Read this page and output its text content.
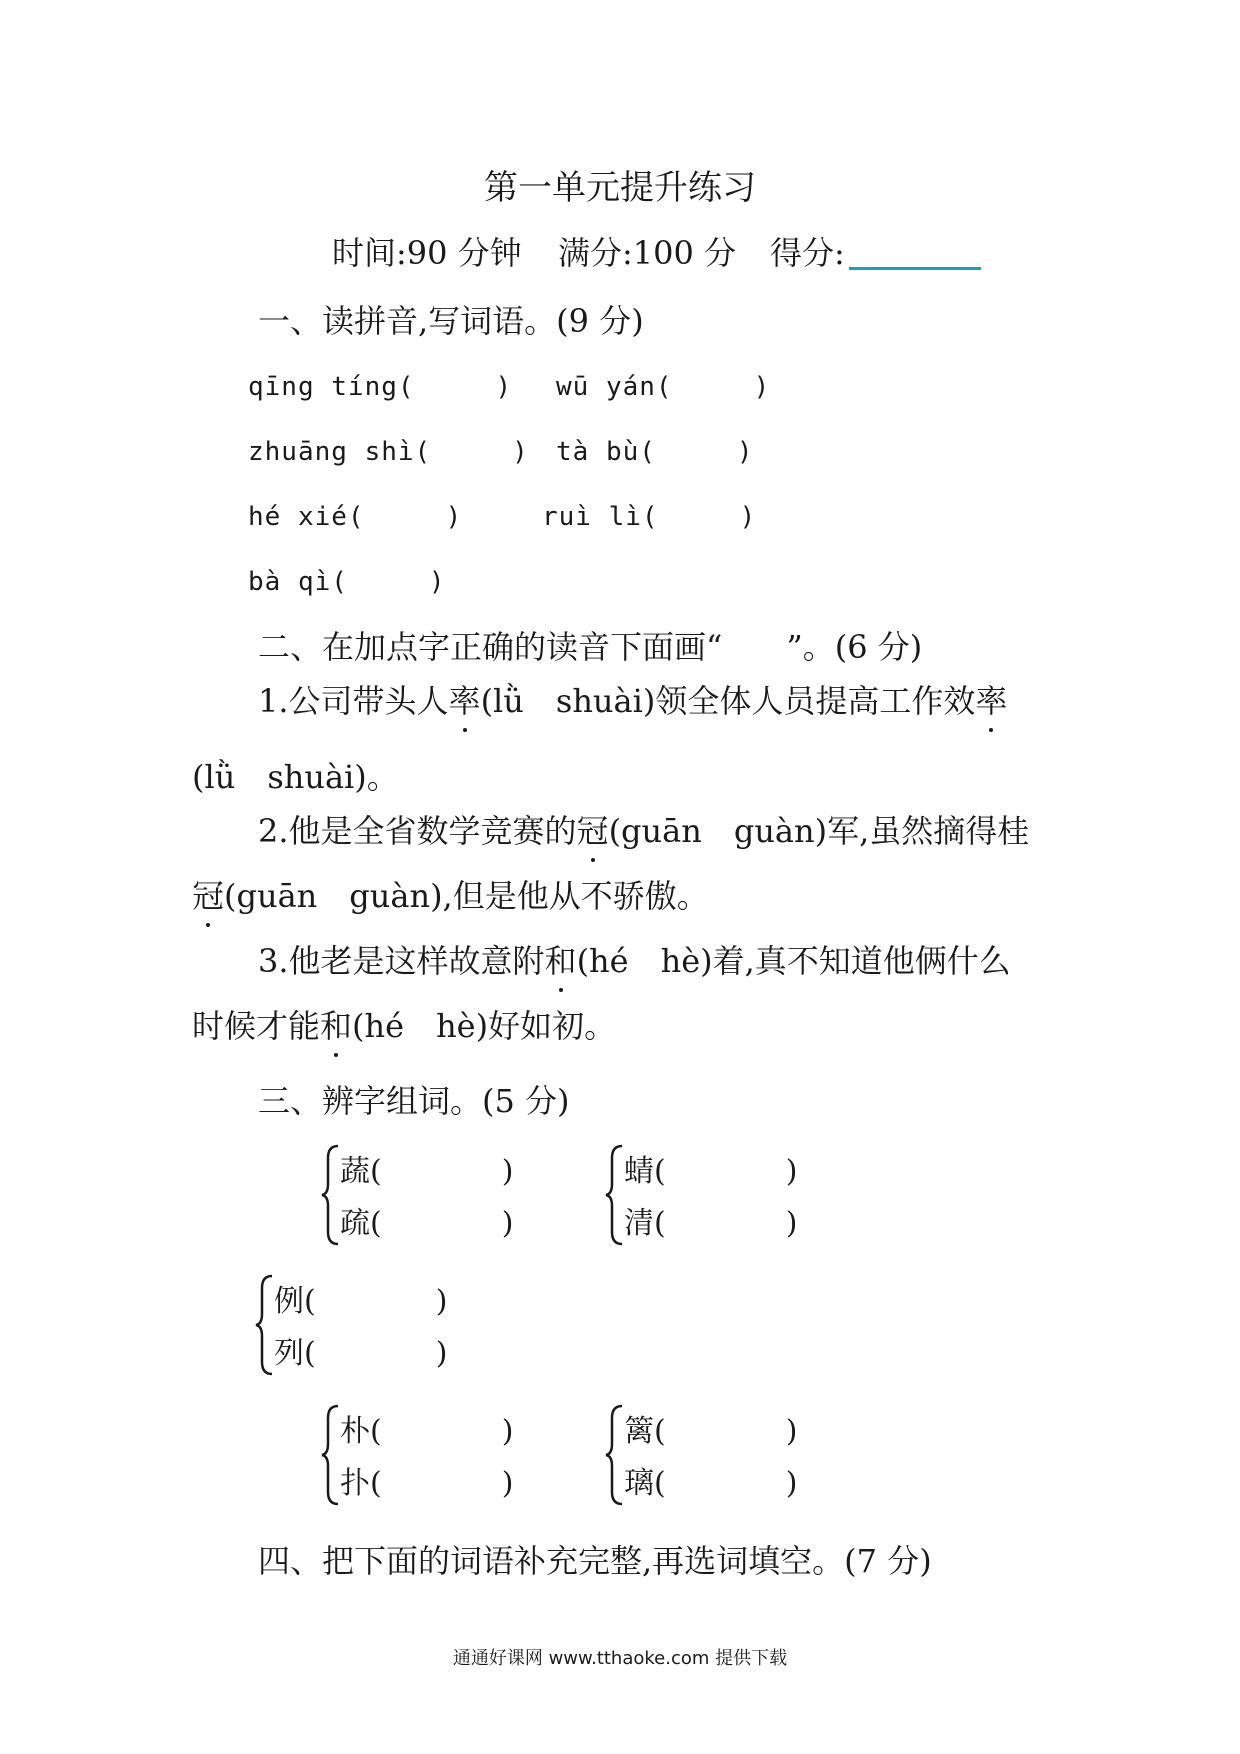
第一单元提升练习
时间:90 分钟 满分:100 分 得分:
一、读拼音,写词语。(9 分)
qīng tíng(　　　) wū yán(　　　)
zhuāng shì(　　　) tà bù(　　　)
hé xié(　　　)	ruì lì(　　　)
bà qì(　　　)
二、在加点字正确的读音下面画“　　”。(6 分)
1.公司带头人率(lǜ　shuài)领全体人员提高工作效率
(lǜ　shuài)。
2.他是全省数学竞赛的冠(guān　guàn)军,虽然摘得桂
冠(guān　guàn),但是他从不骄傲。
3.他老是这样故意附和(hé　hè)着,真不知道他俩什么
时候才能和(hé　hè)好如初。
三、辨字组词。(5 分)
蔬(　　　　)
疏(　　　　)
蜻(　　　　)
清(　　　　)
例(　　　　)
列(　　　　)
朴(　　　　)
扑(　　　　)
篱(　　　　)
璃(　　　　)
四、把下面的词语补充完整,再选词填空。(7 分)
通通好课网 www.tthaoke.com 提供下载
